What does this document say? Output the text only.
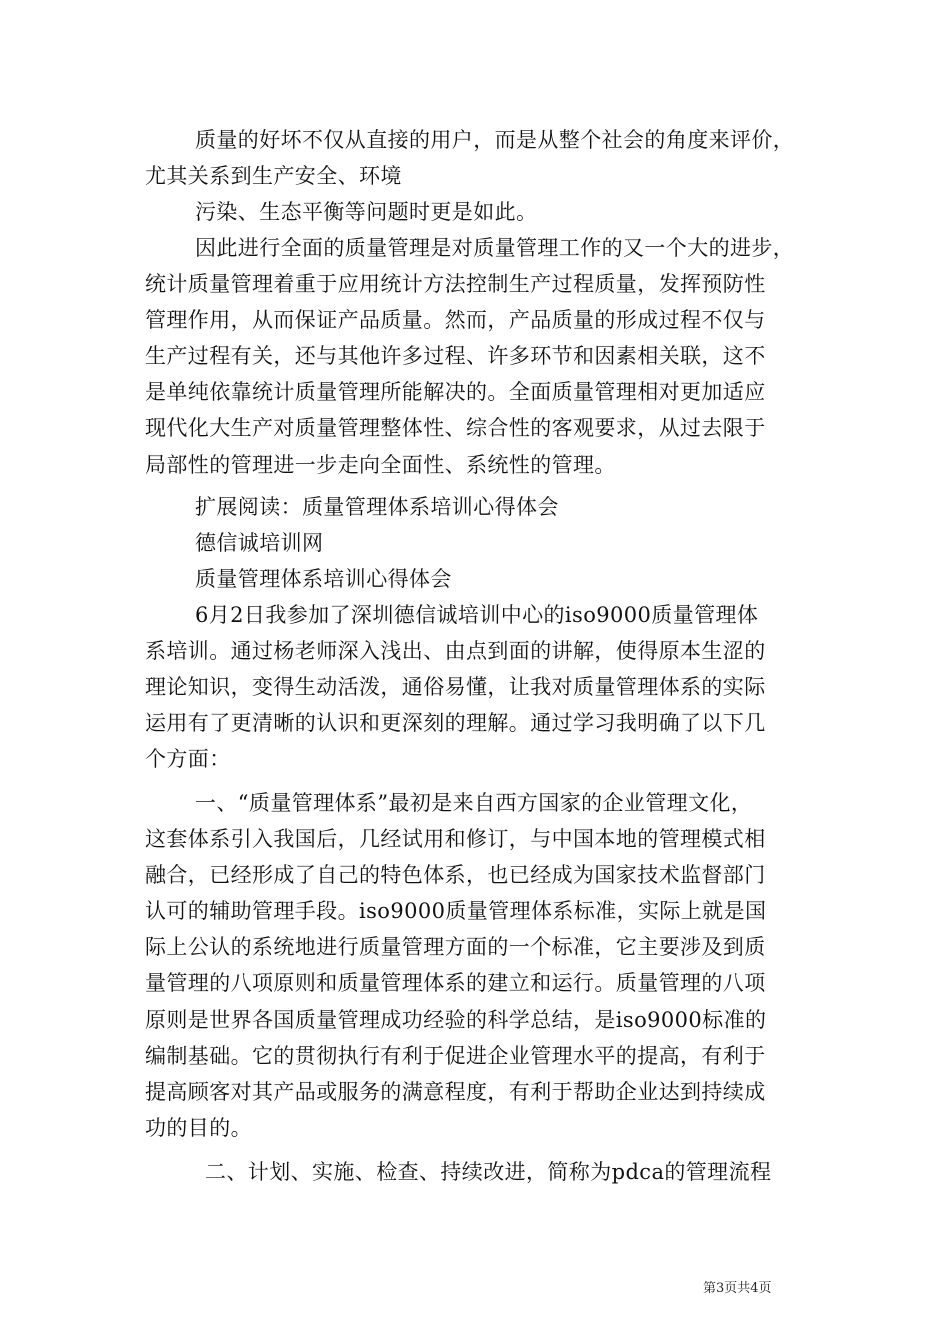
质量的好坏不仅从直接的用户，而是从整个社会的角度来评价，
尤其关系到生产安全、环境
污染、生态平衡等问题时更是如此。
因此进行全面的质量管理是对质量管理工作的又一个大的进步，
统计质量管理着重于应用统计方法控制生产过程质量，发挥预防性
管理作用，从而保证产品质量。然而，产品质量的形成过程不仅与
生产过程有关，还与其他许多过程、许多环节和因素相关联，这不
是单纯依靠统计质量管理所能解决的。全面质量管理相对更加适应
现代化大生产对质量管理整体性、综合性的客观要求，从过去限于
局部性的管理进一步走向全面性、系统性的管理。
扩展阅读：质量管理体系培训心得体会
德信诚培训网
质量管理体系培训心得体会
6月2日我参加了深圳德信诚培训中心的iso9000质量管理体
系培训。通过杨老师深入浅出、由点到面的讲解，使得原本生涩的
理论知识，变得生动活泼，通俗易懂，让我对质量管理体系的实际
运用有了更清晰的认识和更深刻的理解。通过学习我明确了以下几
个方面：
一、“质量管理体系”最初是来自西方国家的企业管理文化，
这套体系引入我国后，几经试用和修订，与中国本地的管理模式相
融合，已经形成了自己的特色体系，也已经成为国家技术监督部门
认可的辅助管理手段。iso9000质量管理体系标准，实际上就是国
际上公认的系统地进行质量管理方面的一个标准，它主要涉及到质
量管理的八项原则和质量管理体系的建立和运行。质量管理的八项
原则是世界各国质量管理成功经验的科学总结，是iso9000标准的
编制基础。它的贯彻执行有利于促进企业管理水平的提高，有利于
提高顾客对其产品或服务的满意程度，有利于帮助企业达到持续成
功的目的。
二、计划、实施、检查、持续改进，简称为pdca的管理流程
第3页共4页
